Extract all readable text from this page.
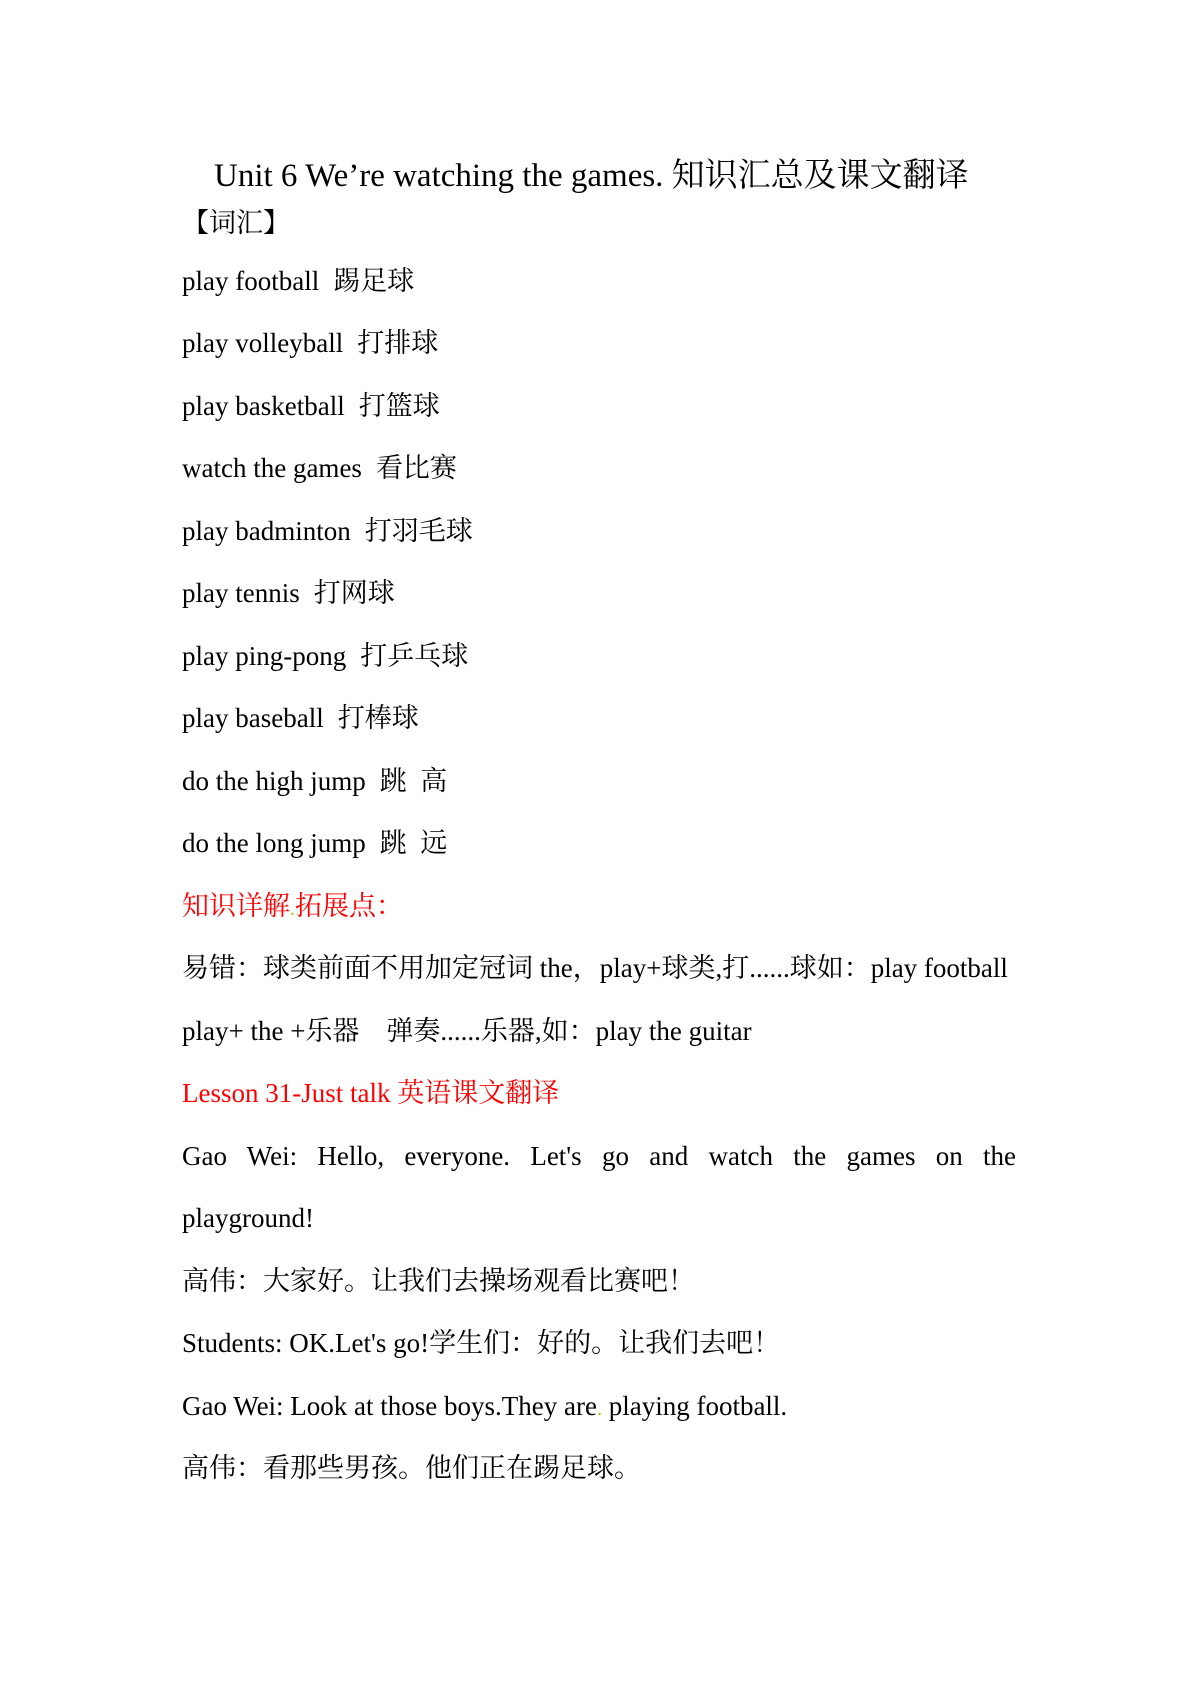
Unit 6 We’re watching the games. 知识汇总及课文翻译
【词汇】
play football 踢足球
play volleyball 打排球
play basketball 打篮球
watch the games 看比赛
play badminton 打羽毛球
play tennis 打网球
play ping-pong 打乒乓球
play baseball 打棒球
do the high jump 跳  高
do the long jump 跳  远
知识详解.拓展点：
易错：球类前面不用加定冠词 the，play+球类,打......球如：play football
play+ the +乐器    弹奏......乐器,如：play the guitar
Lesson 31-Just talk 英语课文翻译
Gao Wei: Hello, everyone. Let's go and watch the games on the
playground!
高伟：大家好。让我们去操场观看比赛吧！
Students: OK.Let's go!学生们：好的。让我们去吧！
Gao Wei: Look at those boys.They are. playing football.
高伟：看那些男孩。他们正在踢足球。
